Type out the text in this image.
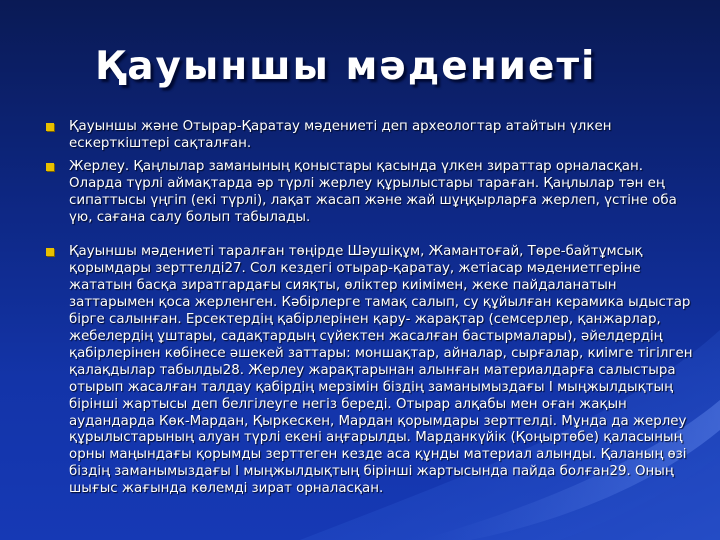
Қауыншы мәдениеті
Қауыншы және Отырар-Қаратау мәдениеті деп археологтар атайтын үлкен ескерткіштері сақталған.
Жерлеу. Қаңлылар заманының қоныстары қасында үлкен зираттар орналасқан. Оларда түрлі аймақтарда әр түрлі жерлеу құрылыстары тараған. Қаңлылар тән ең сипаттысы үңгіп (екі түрлі), лақат жасап және жай шұңқырларға жерлеп, үстіне оба үю, сағана салу болып табылады.
Қауыншы мәдениеті таралған төңірде Шәушіқұм, Жамантоғай, Төре-байтұмсық қорымдары зерттелді27. Сол кездегі отырар-қаратау, жетіасар мәдениетгеріне жататын басқа зиратгардағы сияқты, өліктер киімімен, жеке пайдаланатын заттарымен қоса жерленген. Кәбірлерге тамақ салып, су құйылған керамика ыдыстар бірге салынған. Ерсектердің қабірлерінен қару- жарақтар (семсерлер, қанжарлар, жебелердің ұштары, садақтардың сүйектен жасалған бастырмалары), әйелдердің қабірлерінен көбінесе әшекей заттары: моншақтар, айналар, сырғалар, киімге тігілген қалақдылар табылды28. Жерлеу жарақтарынан алынған материалдарға салыстыра отырып жасалған талдау қабірдің мерзімін біздің заманымыздағы І мыңжылдықтың бірінші жартысы деп белгілеуге негіз береді. Отырар алқабы мен оған жақын аудандарда Көк-Мардан, Қыркескен, Мардан қорымдары зерттелді. Мұнда да жерлеу құрылыстарының алуан түрлі екені аңғарылды. Марданкүйік (Қоңыртөбе) қаласының орны маңындағы қорымды зерттеген кезде аса құнды материал алынды. Қаланың өзі біздің заманымыздағы І мыңжылдықтың бірінші жартысында пайда болған29. Оның шығыс жағында көлемді зират орналасқан.
